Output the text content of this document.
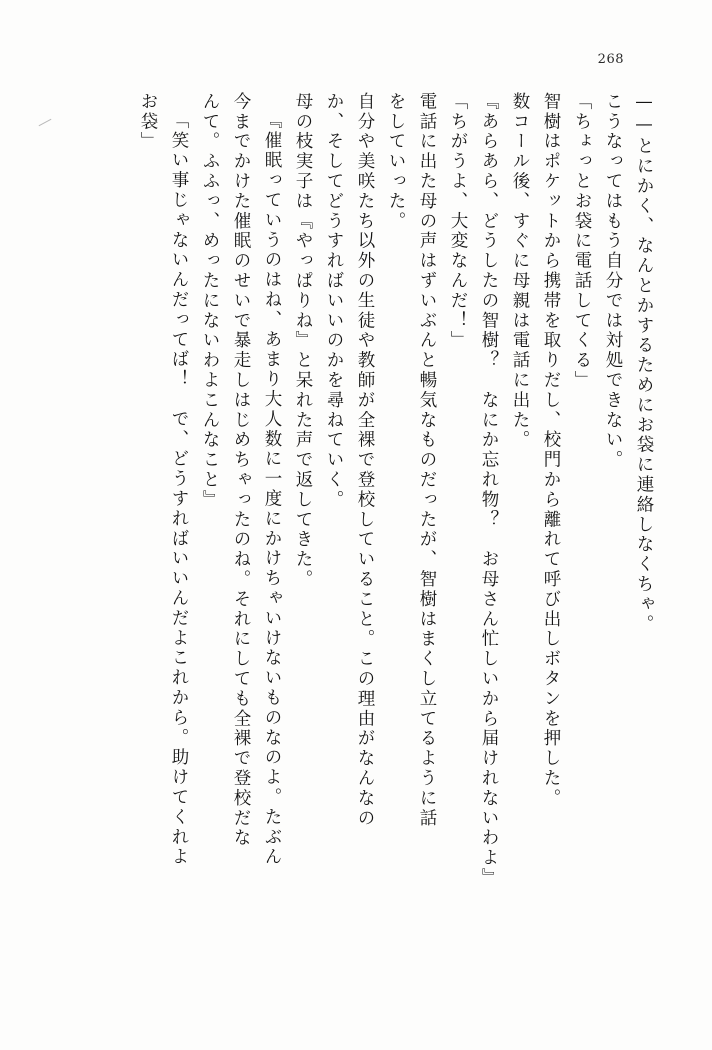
268
——とにかく、なんとかするためにお袋に連絡しなくちゃ。
こうなってはもう自分では対処できない。
「ちょっとお袋に電話してくる」
智樹はポケットから携帯を取りだし、校門から離れて呼び出しボタンを押した。
数コール後、すぐに母親は電話に出た。
『あらあら、どうしたの智樹？　なにか忘れ物？　お母さん忙しいから届けれないわよ』
「ちがうよ、大変なんだ！」
電話に出た母の声はずいぶんと暢気なものだったが、智樹はまくし立てるように話
をしていった。
自分や美咲たち以外の生徒や教師が全裸で登校していること。この理由がなんなの
か、そしてどうすればいいのかを尋ねていく。
母の枝実子は『やっぱりね』と呆れた声で返してきた。
『催眠っていうのはね、あまり大人数に一度にかけちゃいけないものなのよ。たぶん
今までかけた催眠のせいで暴走しはじめちゃったのね。それにしても全裸で登校だな
んて。ふふっ、めったにないわよこんなこと』
「笑い事じゃないんだってば！　で、どうすればいいんだよこれから。助けてくれよ
お袋」
